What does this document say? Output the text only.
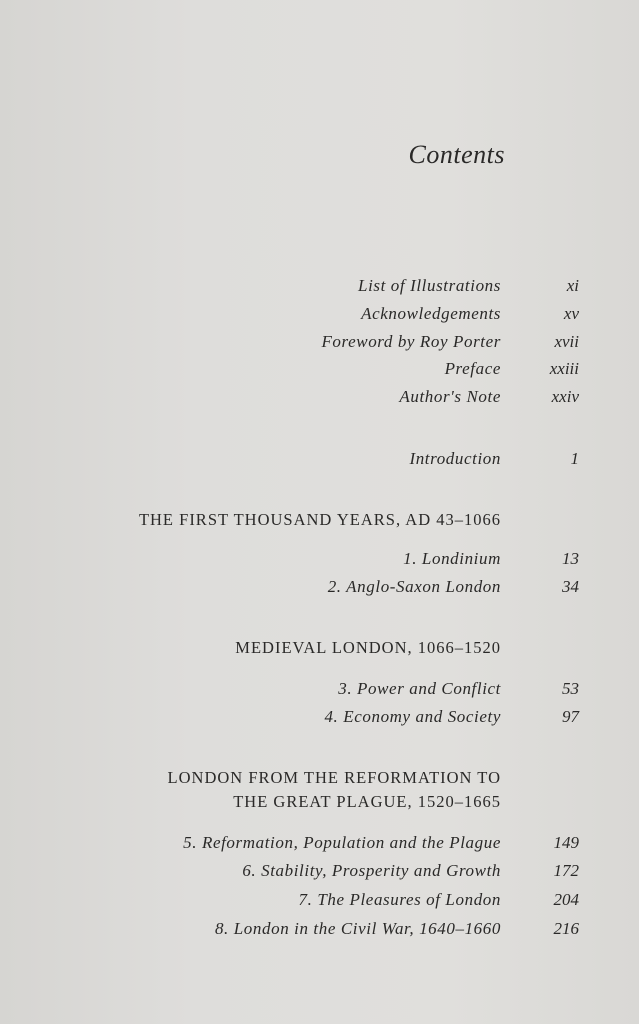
Contents
List of Illustrations	xi
Acknowledgements	xv
Foreword by Roy Porter	xvii
Preface	xxiii
Author's Note	xxiv
Introduction	1
THE FIRST THOUSAND YEARS, AD 43–1066
1. Londinium	13
2. Anglo-Saxon London	34
MEDIEVAL LONDON, 1066–1520
3. Power and Conflict	53
4. Economy and Society	97
LONDON FROM THE REFORMATION TO
THE GREAT PLAGUE, 1520–1665
5. Reformation, Population and the Plague	149
6. Stability, Prosperity and Growth	172
7. The Pleasures of London	204
8. London in the Civil War, 1640–1660	216
